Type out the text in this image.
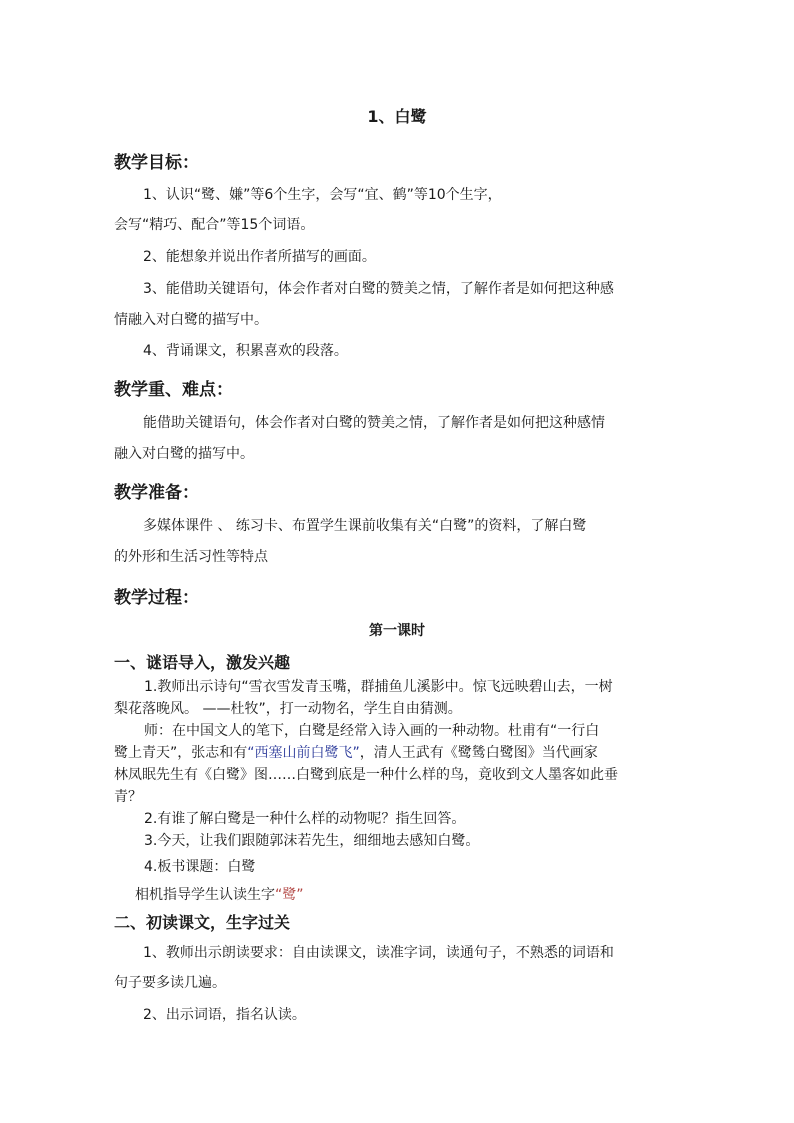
1、白鹭
教学目标：
1、认识“鹭、嫌”等6个生字，会写“宜、鹤”等10个生字，
会写“精巧、配合”等15个词语。
2、能想象并说出作者所描写的画面。
3、能借助关键语句，体会作者对白鹭的赞美之情，了解作者是如何把这种感
情融入对白鹭的描写中。
4、背诵课文，积累喜欢的段落。
教学重、难点：
能借助关键语句，体会作者对白鹭的赞美之情，了解作者是如何把这种感情
融入对白鹭的描写中。
教学准备：
多媒体课件 、 练习卡、布置学生课前收集有关“白鹭”的资料，了解白鹭
的外形和生活习性等特点
教学过程：
第一课时
一、谜语导入，激发兴趣
1.教师出示诗句“雪衣雪发青玉嘴，群捕鱼儿溪影中。惊飞远映碧山去，一树
梨花落晚风。 ——杜牧”，打一动物名，学生自由猜测。
师：在中国文人的笔下，白鹭是经常入诗入画的一种动物。杜甫有“一行白
鹭上青天”，张志和有“西塞山前白鹭飞”，清人王武有《鹭鸶白鹭图》当代画家
林凤眠先生有《白鹭》图……白鹭到底是一种什么样的鸟，竟收到文人墨客如此垂
青？
2.有谁了解白鹭是一种什么样的动物呢？指生回答。
3.今天，让我们跟随郭沫若先生，细细地去感知白鹭。
4.板书课题：白鹭
相机指导学生认读生字“鹭”
二、初读课文，生字过关
1、教师出示朗读要求：自由读课文，读准字词，读通句子，不熟悉的词语和
句子要多读几遍。
2、出示词语，指名认读。
